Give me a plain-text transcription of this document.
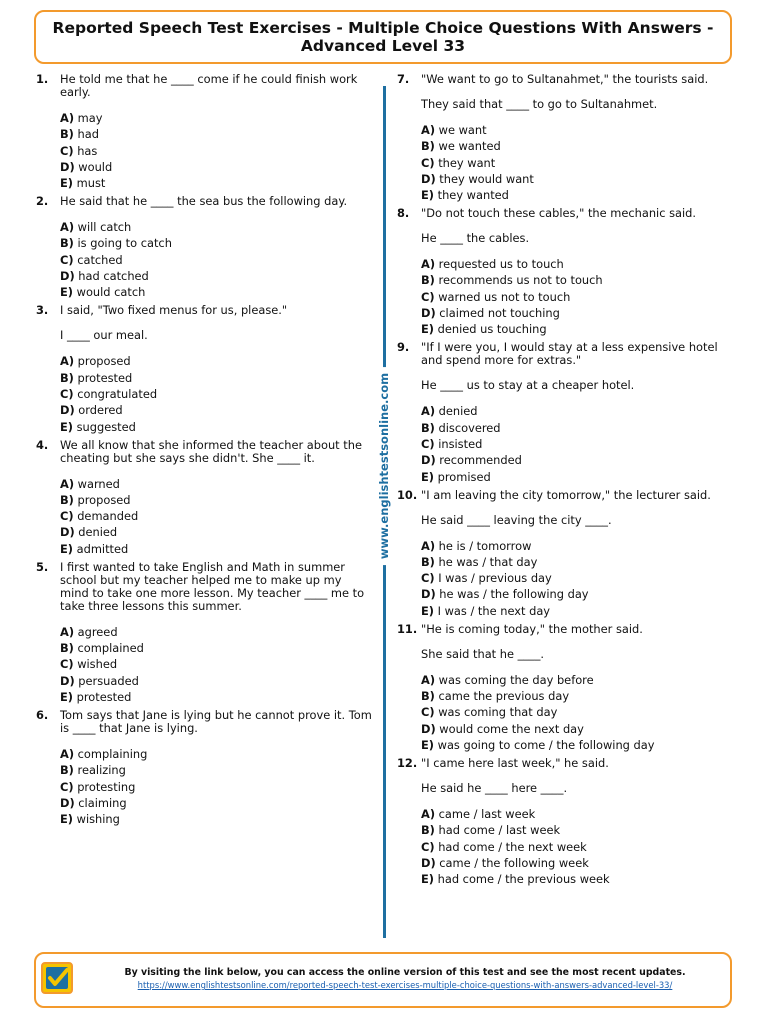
Reported Speech Test Exercises - Multiple Choice Questions With Answers - Advanced Level 33
1. He told me that he ____ come if he could finish work early.
A) may
B) had
C) has
D) would
E) must
2. He said that he ____ the sea bus the following day.
A) will catch
B) is going to catch
C) catched
D) had catched
E) would catch
3. I said, "Two fixed menus for us, please."
I ____ our meal.
A) proposed
B) protested
C) congratulated
D) ordered
E) suggested
4. We all know that she informed the teacher about the cheating but she says she didn't. She ____ it.
A) warned
B) proposed
C) demanded
D) denied
E) admitted
5. I first wanted to take English and Math in summer school but my teacher helped me to make up my mind to take one more lesson. My teacher ____ me to take three lessons this summer.
A) agreed
B) complained
C) wished
D) persuaded
E) protested
6. Tom says that Jane is lying but he cannot prove it. Tom is ____ that Jane is lying.
A) complaining
B) realizing
C) protesting
D) claiming
E) wishing
www.englishtestsonline.com
7. "We want to go to Sultanahmet," the tourists said.
They said that ____ to go to Sultanahmet.
A) we want
B) we wanted
C) they want
D) they would want
E) they wanted
8. "Do not touch these cables," the mechanic said.
He ____ the cables.
A) requested us to touch
B) recommends us not to touch
C) warned us not to touch
D) claimed not touching
E) denied us touching
9. "If I were you, I would stay at a less expensive hotel and spend more for extras."
He ____ us to stay at a cheaper hotel.
A) denied
B) discovered
C) insisted
D) recommended
E) promised
10. "I am leaving the city tomorrow," the lecturer said.
He said ____ leaving the city ____.
A) he is / tomorrow
B) he was / that day
C) I was / previous day
D) he was / the following day
E) I was / the next day
11. "He is coming today," the mother said.
She said that he ____.
A) was coming the day before
B) came the previous day
C) was coming that day
D) would come the next day
E) was going to come / the following day
12. "I came here last week," he said.
He said he ____ here ____.
A) came / last week
B) had come / last week
C) had come / the next week
D) came / the following week
E) had come / the previous week
By visiting the link below, you can access the online version of this test and see the most recent updates.
https://www.englishtestsonline.com/reported-speech-test-exercises-multiple-choice-questions-with-answers-advanced-level-33/
